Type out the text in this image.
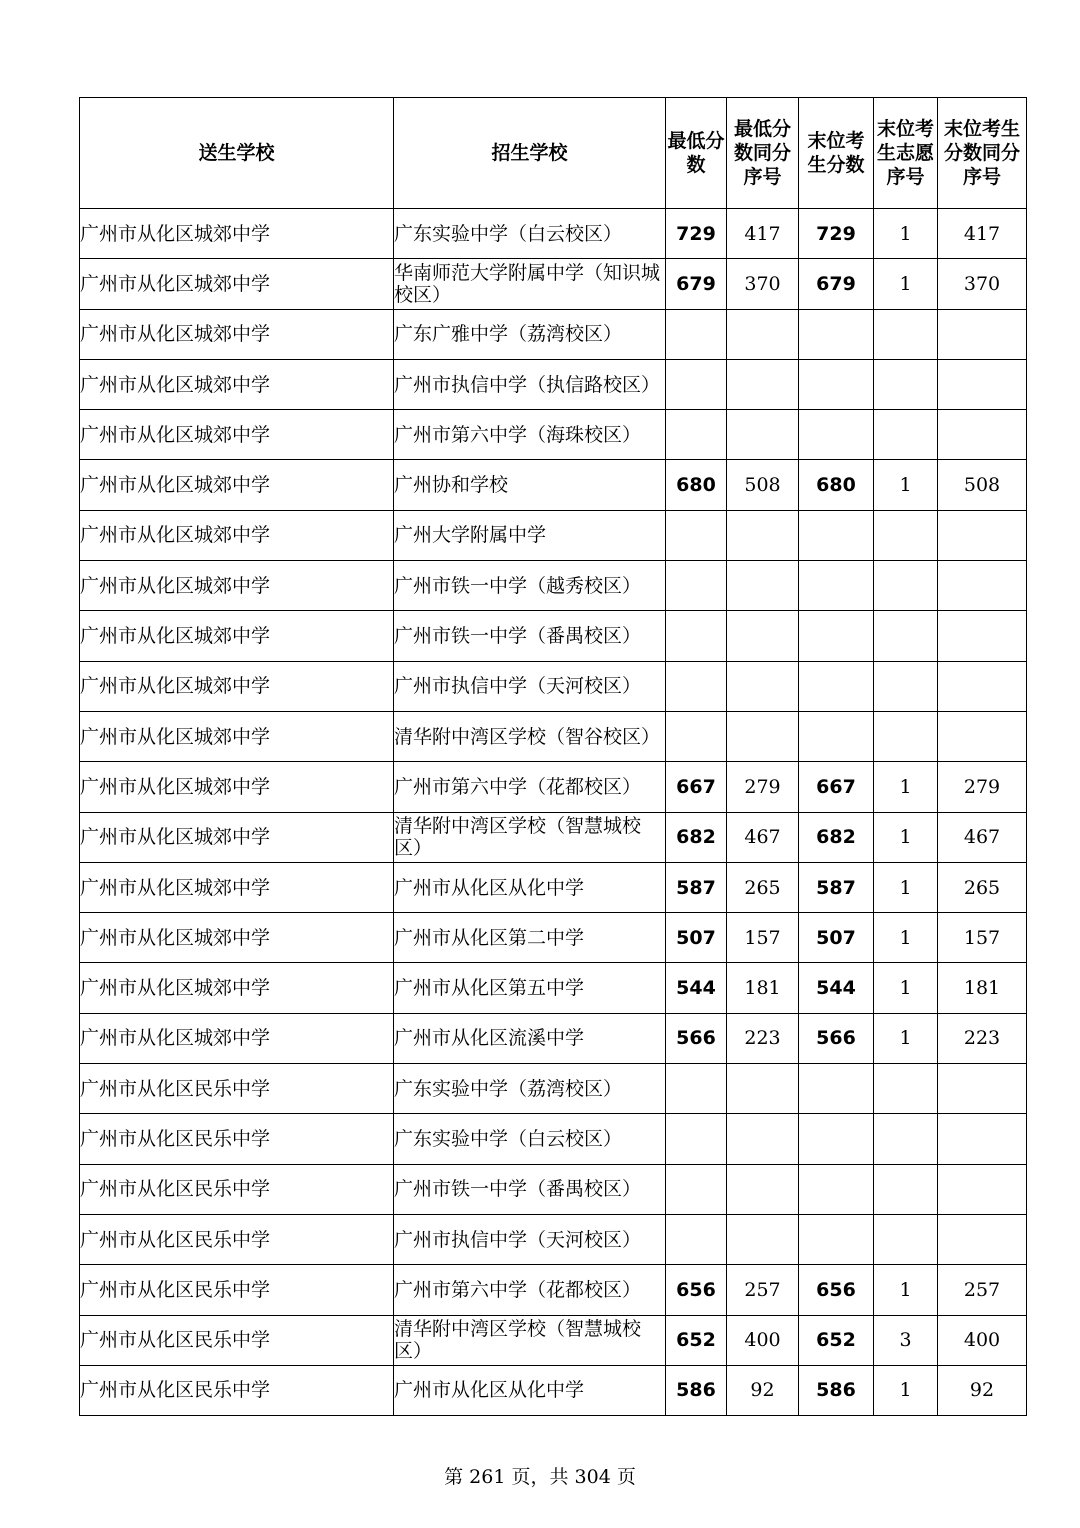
送生学校	招生学校	最低分数	最低分数同分序号	末位考生分数	末位考生志愿序号	末位考生分数同分序号
广州市从化区城郊中学	广东实验中学（白云校区）	729	417	729	1	417
广州市从化区城郊中学	华南师范大学附属中学（知识城校区）	679	370	679	1	370
广州市从化区城郊中学	广东广雅中学（荔湾校区）					
广州市从化区城郊中学	广州市执信中学（执信路校区）					
广州市从化区城郊中学	广州市第六中学（海珠校区）					
广州市从化区城郊中学	广州协和学校	680	508	680	1	508
广州市从化区城郊中学	广州大学附属中学					
广州市从化区城郊中学	广州市铁一中学（越秀校区）					
广州市从化区城郊中学	广州市铁一中学（番禺校区）					
广州市从化区城郊中学	广州市执信中学（天河校区）					
广州市从化区城郊中学	清华附中湾区学校（智谷校区）					
广州市从化区城郊中学	广州市第六中学（花都校区）	667	279	667	1	279
广州市从化区城郊中学	清华附中湾区学校（智慧城校区）	682	467	682	1	467
广州市从化区城郊中学	广州市从化区从化中学	587	265	587	1	265
广州市从化区城郊中学	广州市从化区第二中学	507	157	507	1	157
广州市从化区城郊中学	广州市从化区第五中学	544	181	544	1	181
广州市从化区城郊中学	广州市从化区流溪中学	566	223	566	1	223
广州市从化区民乐中学	广东实验中学（荔湾校区）					
广州市从化区民乐中学	广东实验中学（白云校区）					
广州市从化区民乐中学	广州市铁一中学（番禺校区）					
广州市从化区民乐中学	广州市执信中学（天河校区）					
广州市从化区民乐中学	广州市第六中学（花都校区）	656	257	656	1	257
广州市从化区民乐中学	清华附中湾区学校（智慧城校区）	652	400	652	3	400
广州市从化区民乐中学	广州市从化区从化中学	586	92	586	1	92
第 261 页，共 304 页
